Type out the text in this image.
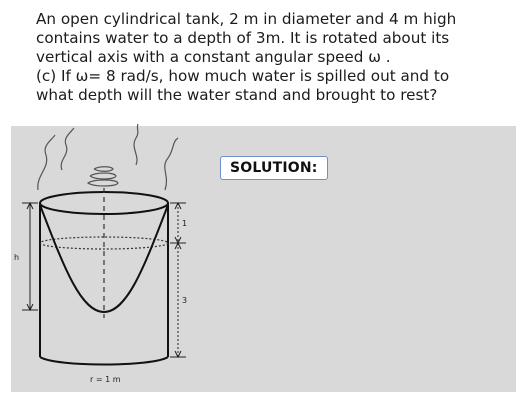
An open cylindrical tank, 2 m in diameter and 4 m high
contains water to a depth of 3m. It is rotated about its
vertical axis with a constant angular speed ω .
(c) If ω= 8 rad/s, how much water is spilled out and to
what depth will the water stand and brought to rest?
h
1
3
r = 1 m
SOLUTION:
